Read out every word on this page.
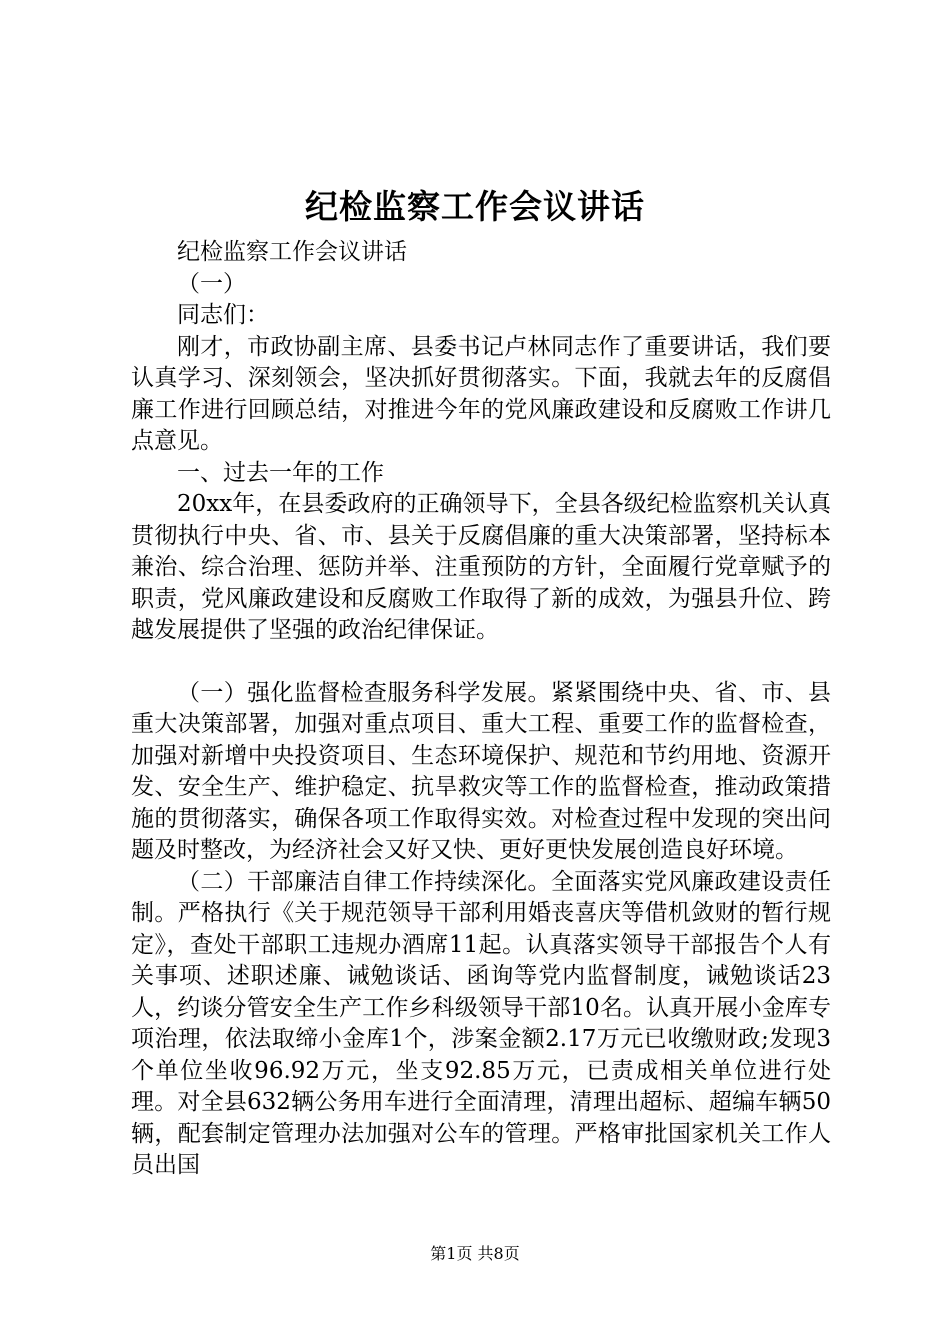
纪检监察工作会议讲话

纪检监察工作会议讲话

（一）

同志们：

刚才，市政协副主席、县委书记卢林同志作了重要讲话，我们要认真学习、深刻领会，坚决抓好贯彻落实。下面，我就去年的反腐倡廉工作进行回顾总结，对推进今年的党风廉政建设和反腐败工作讲几点意见。

一、过去一年的工作

20xx年，在县委政府的正确领导下，全县各级纪检监察机关认真贯彻执行中央、省、市、县关于反腐倡廉的重大决策部署，坚持标本兼治、综合治理、惩防并举、注重预防的方针，全面履行党章赋予的职责，党风廉政建设和反腐败工作取得了新的成效，为强县升位、跨越发展提供了坚强的政治纪律保证。

（一）强化监督检查服务科学发展。紧紧围绕中央、省、市、县重大决策部署，加强对重点项目、重大工程、重要工作的监督检查，加强对新增中央投资项目、生态环境保护、规范和节约用地、资源开发、安全生产、维护稳定、抗旱救灾等工作的监督检查，推动政策措施的贯彻落实，确保各项工作取得实效。对检查过程中发现的突出问题及时整改，为经济社会又好又快、更好更快发展创造良好环境。

（二）干部廉洁自律工作持续深化。全面落实党风廉政建设责任制。严格执行《关于规范领导干部利用婚丧喜庆等借机敛财的暂行规定》，查处干部职工违规办酒席11起。认真落实领导干部报告个人有关事项、述职述廉、诫勉谈话、函询等党内监督制度，诫勉谈话23人，约谈分管安全生产工作乡科级领导干部10名。认真开展小金库专项治理，依法取缔小金库1个，涉案金额2.17万元已收缴财政;发现3个单位坐收96.92万元，坐支92.85万元，已责成相关单位进行处理。对全县632辆公务用车进行全面清理，清理出超标、超编车辆50辆，配套制定管理办法加强对公车的管理。严格审批国家机关工作人员出国

第1页 共8页
